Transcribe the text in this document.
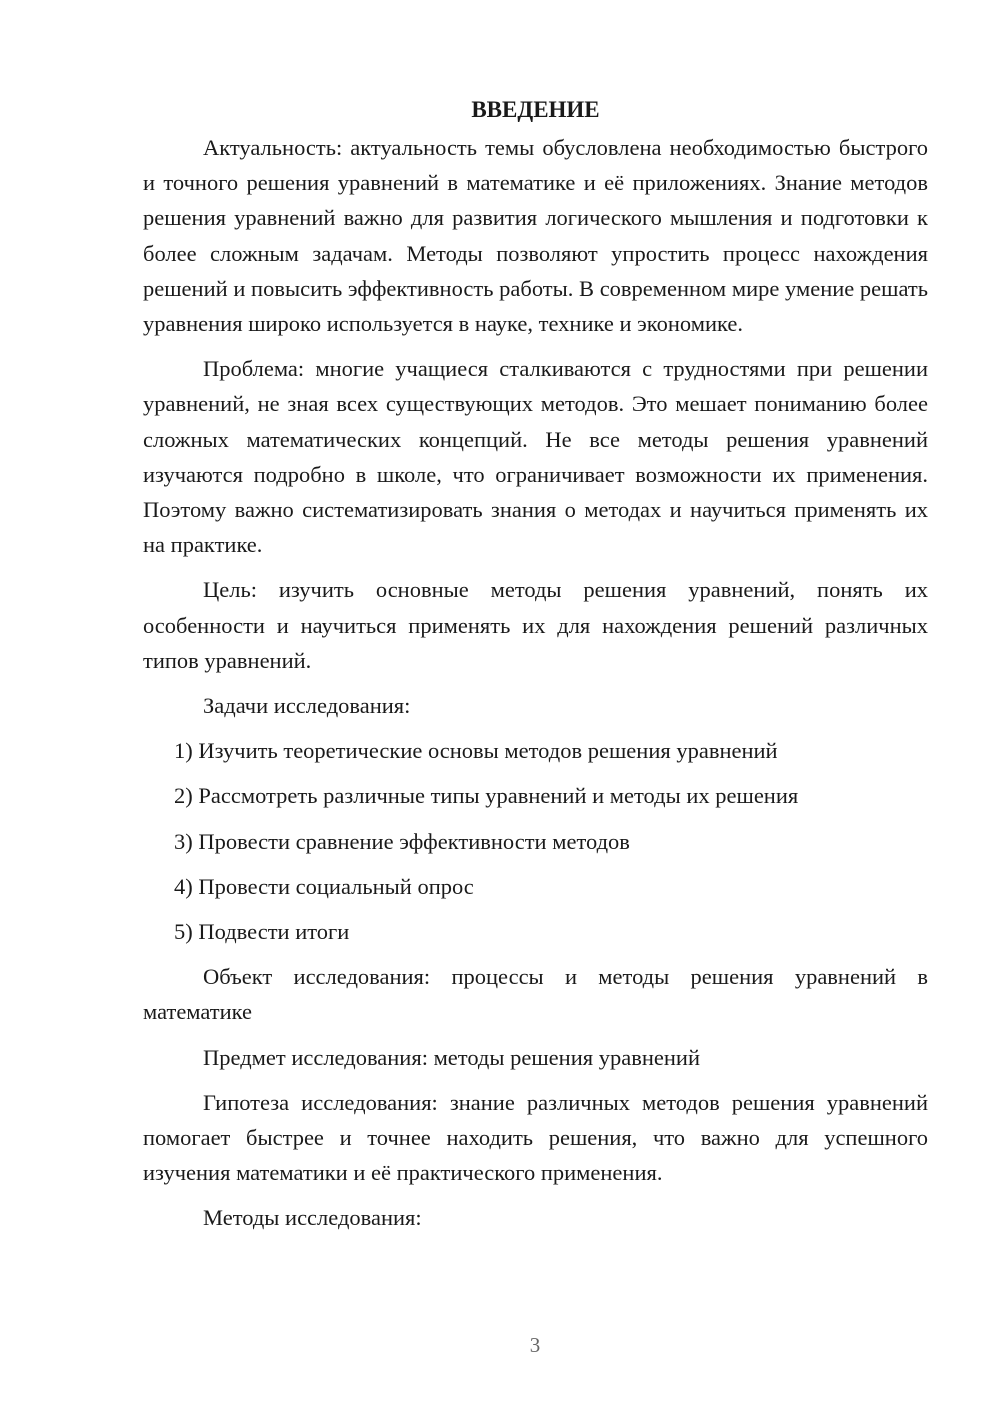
ВВЕДЕНИЕ

Актуальность: актуальность темы обусловлена необходимостью быстрого и точного решения уравнений в математике и её приложениях. Знание методов решения уравнений важно для развития логического мышления и подготовки к более сложным задачам. Методы позволяют упростить процесс нахождения решений и повысить эффективность работы. В современном мире умение решать уравнения широко используется в науке, технике и экономике.

Проблема: многие учащиеся сталкиваются с трудностями при решении уравнений, не зная всех существующих методов. Это мешает пониманию более сложных математических концепций. Не все методы решения уравнений изучаются подробно в школе, что ограничивает возможности их применения. Поэтому важно систематизировать знания о методах и научиться применять их на практике.

Цель: изучить основные методы решения уравнений, понять их особенности и научиться применять их для нахождения решений различных типов уравнений.

Задачи исследования:

1) Изучить теоретические основы методов решения уравнений
2) Рассмотреть различные типы уравнений и методы их решения
3) Провести сравнение эффективности методов
4) Провести социальный опрос
5) Подвести итоги

Объект исследования: процессы и методы решения уравнений в математике

Предмет исследования: методы решения уравнений

Гипотеза исследования: знание различных методов решения уравнений помогает быстрее и точнее находить решения, что важно для успешного изучения математики и её практического применения.

Методы исследования:

3
